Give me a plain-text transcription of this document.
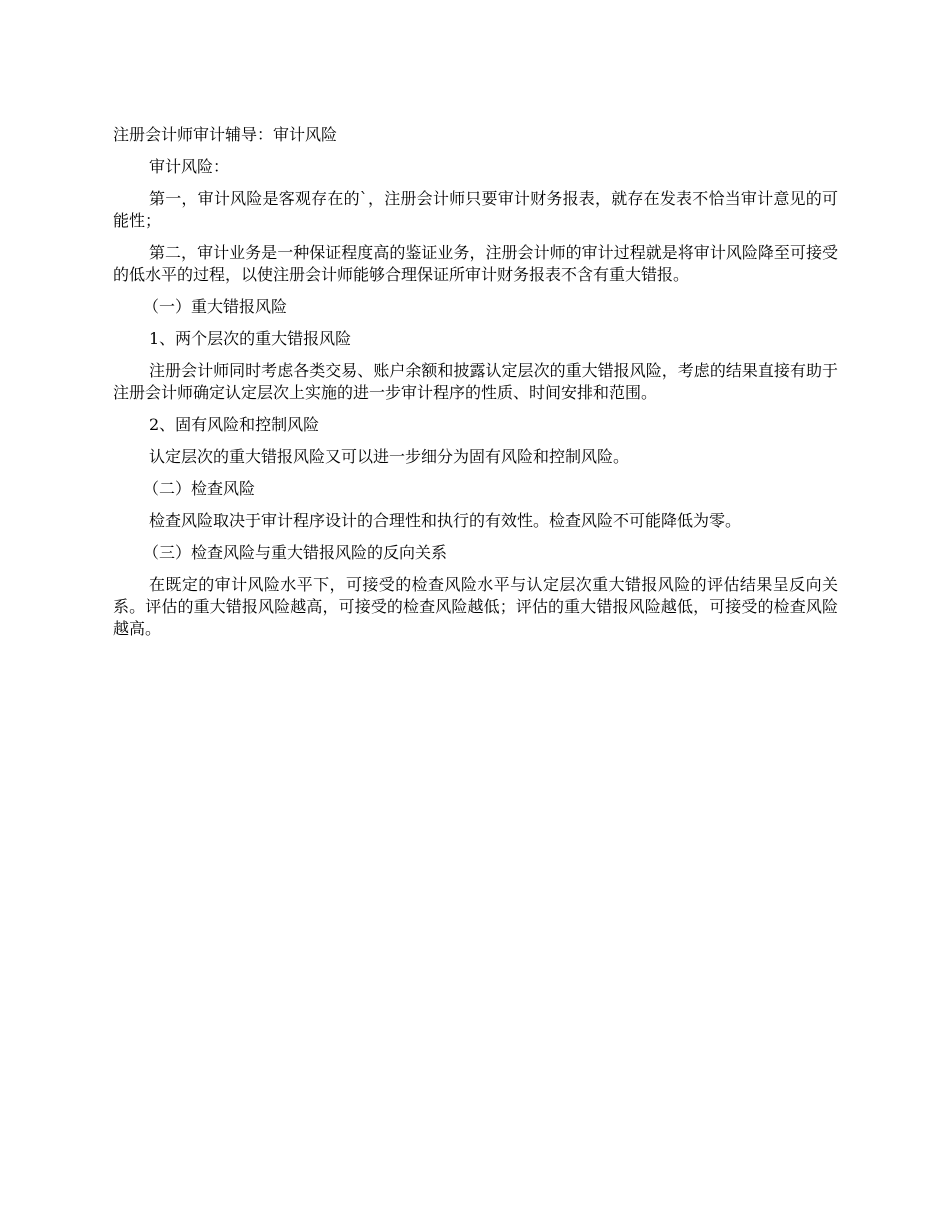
注册会计师审计辅导：审计风险

审计风险：

第一，审计风险是客观存在的`，注册会计师只要审计财务报表，就存在发表不恰当审计意见的可能性；

第二，审计业务是一种保证程度高的鉴证业务，注册会计师的审计过程就是将审计风险降至可接受的低水平的过程，以使注册会计师能够合理保证所审计财务报表不含有重大错报。

（一）重大错报风险

1、两个层次的重大错报风险

注册会计师同时考虑各类交易、账户余额和披露认定层次的重大错报风险，考虑的结果直接有助于注册会计师确定认定层次上实施的进一步审计程序的性质、时间安排和范围。

2、固有风险和控制风险

认定层次的重大错报风险又可以进一步细分为固有风险和控制风险。

（二）检查风险

检查风险取决于审计程序设计的合理性和执行的有效性。检查风险不可能降低为零。

（三）检查风险与重大错报风险的反向关系

在既定的审计风险水平下，可接受的检查风险水平与认定层次重大错报风险的评估结果呈反向关系。评估的重大错报风险越高，可接受的检查风险越低；评估的重大错报风险越低，可接受的检查风险越高。
